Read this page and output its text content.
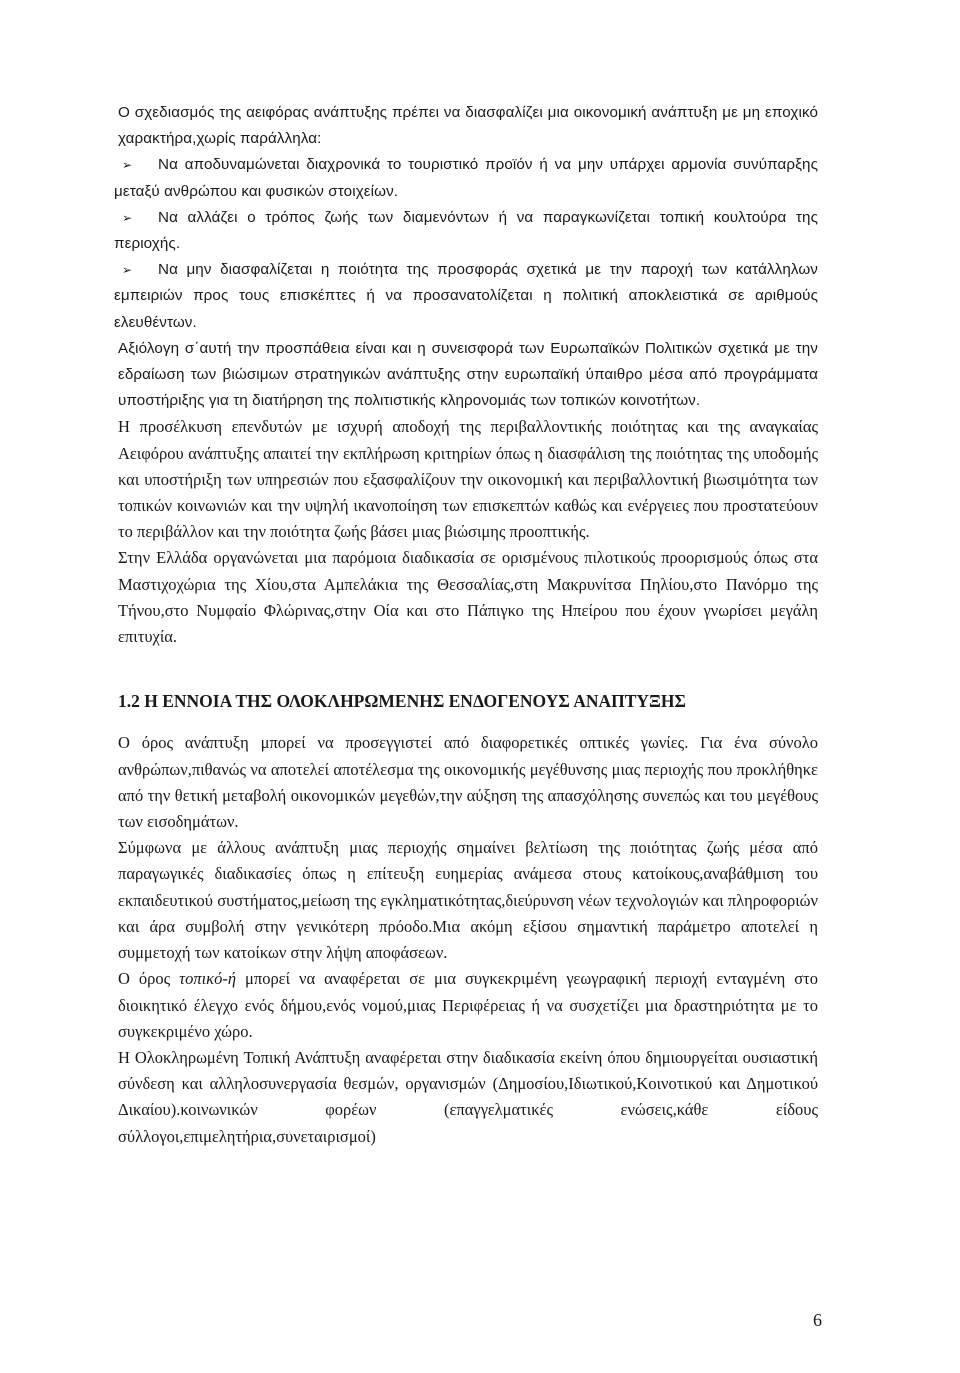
Ο σχεδιασμός της αειφόρας ανάπτυξης πρέπει να διασφαλίζει μια οικονομική ανάπτυξη με μη εποχικό χαρακτήρα,χωρίς παράλληλα:

➢	Να αποδυναμώνεται διαχρονικά το τουριστικό προϊόν ή να μην υπάρχει αρμονία συνύπαρξης μεταξύ ανθρώπου και φυσικών στοιχείων.
➢	Να αλλάζει ο τρόπος ζωής των διαμενόντων ή να παραγκωνίζεται τοπική κουλτούρα της περιοχής.
➢	Να μην διασφαλίζεται η ποιότητα της προσφοράς σχετικά με την παροχή των κατάλληλων εμπειριών προς τους επισκέπτες ή να προσανατολίζεται η πολιτική αποκλειστικά σε αριθμούς ελευθέντων.

Αξιόλογη σ΄αυτή την προσπάθεια είναι και η συνεισφορά των Ευρωπαϊκών Πολιτικών σχετικά με την εδραίωση των βιώσιμων στρατηγικών ανάπτυξης στην ευρωπαϊκή ύπαιθρο μέσα από προγράμματα υποστήριξης για τη διατήρηση της πολιτιστικής κληρονομιάς των τοπικών κοινοτήτων.

Η προσέλκυση επενδυτών με ισχυρή αποδοχή της περιβαλλοντικής ποιότητας και της αναγκαίας Αειφόρου ανάπτυξης απαιτεί την εκπλήρωση κριτηρίων όπως η διασφάλιση της ποιότητας της υποδομής και υποστήριξη των υπηρεσιών που εξασφαλίζουν την οικονομική και περιβαλλοντική βιωσιμότητα των τοπικών κοινωνιών και την υψηλή ικανοποίηση των επισκεπτών καθώς και ενέργειες που προστατεύουν το περιβάλλον και την ποιότητα ζωής βάσει μιας βιώσιμης προοπτικής.

Στην Ελλάδα οργανώνεται μια παρόμοια διαδικασία σε ορισμένους πιλοτικούς προορισμούς όπως στα Μαστιχοχώρια της Χίου,στα Αμπελάκια της Θεσσαλίας,στη Μακρυνίτσα Πηλίου,στο Πανόρμο της Τήνου,στο Νυμφαίο Φλώρινας,στην Οία και στο Πάπιγκο της Ηπείρου που έχουν γνωρίσει μεγάλη επιτυχία.

1.2 Η ΕΝΝΟΙΑ ΤΗΣ ΟΛΟΚΛΗΡΩΜΕΝΗΣ ΕΝΔΟΓΕΝΟΥΣ ΑΝΑΠΤΥΞΗΣ

Ο όρος ανάπτυξη μπορεί να προσεγγιστεί από διαφορετικές οπτικές γωνίες. Για ένα σύνολο ανθρώπων,πιθανώς να αποτελεί αποτέλεσμα της οικονομικής μεγέθυνσης μιας περιοχής που προκλήθηκε από την θετική μεταβολή οικονομικών μεγεθών,την αύξηση της απασχόλησης συνεπώς και του μεγέθους των εισοδημάτων.

Σύμφωνα με άλλους ανάπτυξη μιας περιοχής σημαίνει βελτίωση της ποιότητας ζωής μέσα από παραγωγικές διαδικασίες όπως η επίτευξη ευημερίας ανάμεσα στους κατοίκους,αναβάθμιση του εκπαιδευτικού συστήματος,μείωση της εγκληματικότητας,διεύρυνση νέων τεχνολογιών και πληροφοριών και άρα συμβολή στην γενικότερη πρόοδο.Μια ακόμη εξίσου σημαντική παράμετρο αποτελεί η συμμετοχή των κατοίκων στην λήψη αποφάσεων.

Ο όρος τοπικό-ή μπορεί να αναφέρεται σε μια συγκεκριμένη γεωγραφική περιοχή ενταγμένη στο διοικητικό έλεγχο ενός δήμου,ενός νομού,μιας Περιφέρειας ή να συσχετίζει μια δραστηριότητα με το συγκεκριμένο χώρο.

Η Ολοκληρωμένη Τοπική Ανάπτυξη αναφέρεται στην διαδικασία εκείνη όπου δημιουργείται ουσιαστική σύνδεση και αλληλοσυνεργασία θεσμών, οργανισμών (Δημοσίου,Ιδιωτικού,Κοινοτικού και Δημοτικού Δικαίου).κοινωνικών φορέων (επαγγελματικές ενώσεις,κάθε είδους σύλλογοι,επιμελητήρια,συνεταιρισμοί)

6
